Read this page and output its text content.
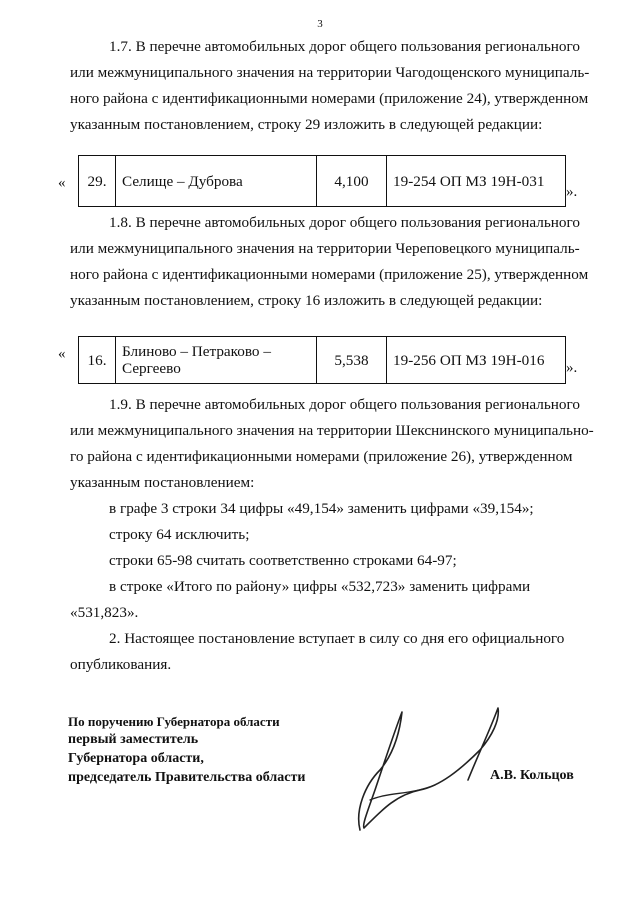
3
1.7. В перечне автомобильных дорог общего пользования регионального
или межмуниципального значения на территории Чагодощенского муниципаль-
ного района с идентификационными номерами (приложение 24), утвержденном
указанным постановлением, строку 29 изложить в следующей редакции:
« 29.	Селище – Дуброва	4,100	19-254 ОП МЗ 19Н-031
».
1.8. В перечне автомобильных дорог общего пользования регионального
или межмуниципального значения на территории Череповецкого муниципаль-
ного района с идентификационными номерами (приложение 25), утвержденном
указанным постановлением, строку 16 изложить в следующей редакции:
« 16.	Блиново – Петраково –
Сергеево	5,538	19-256 ОП МЗ 19Н-016 ».
1.9. В перечне автомобильных дорог общего пользования регионального
или межмуниципального значения на территории Шекснинского муниципально-
го района с идентификационными номерами (приложение 26), утвержденном
указанным постановлением:
в графе 3 строки 34 цифры «49,154» заменить цифрами «39,154»;
строку 64 исключить;
строки 65-98 считать соответственно строками 64-97;
в строке «Итого по району» цифры «532,723» заменить цифрами
«531,823».
2. Настоящее постановление вступает в силу со дня его официального
опубликования.
По поручению Губернатора области
первый заместитель
Губернатора области,
председатель Правительства области	А.В. Кольцов
